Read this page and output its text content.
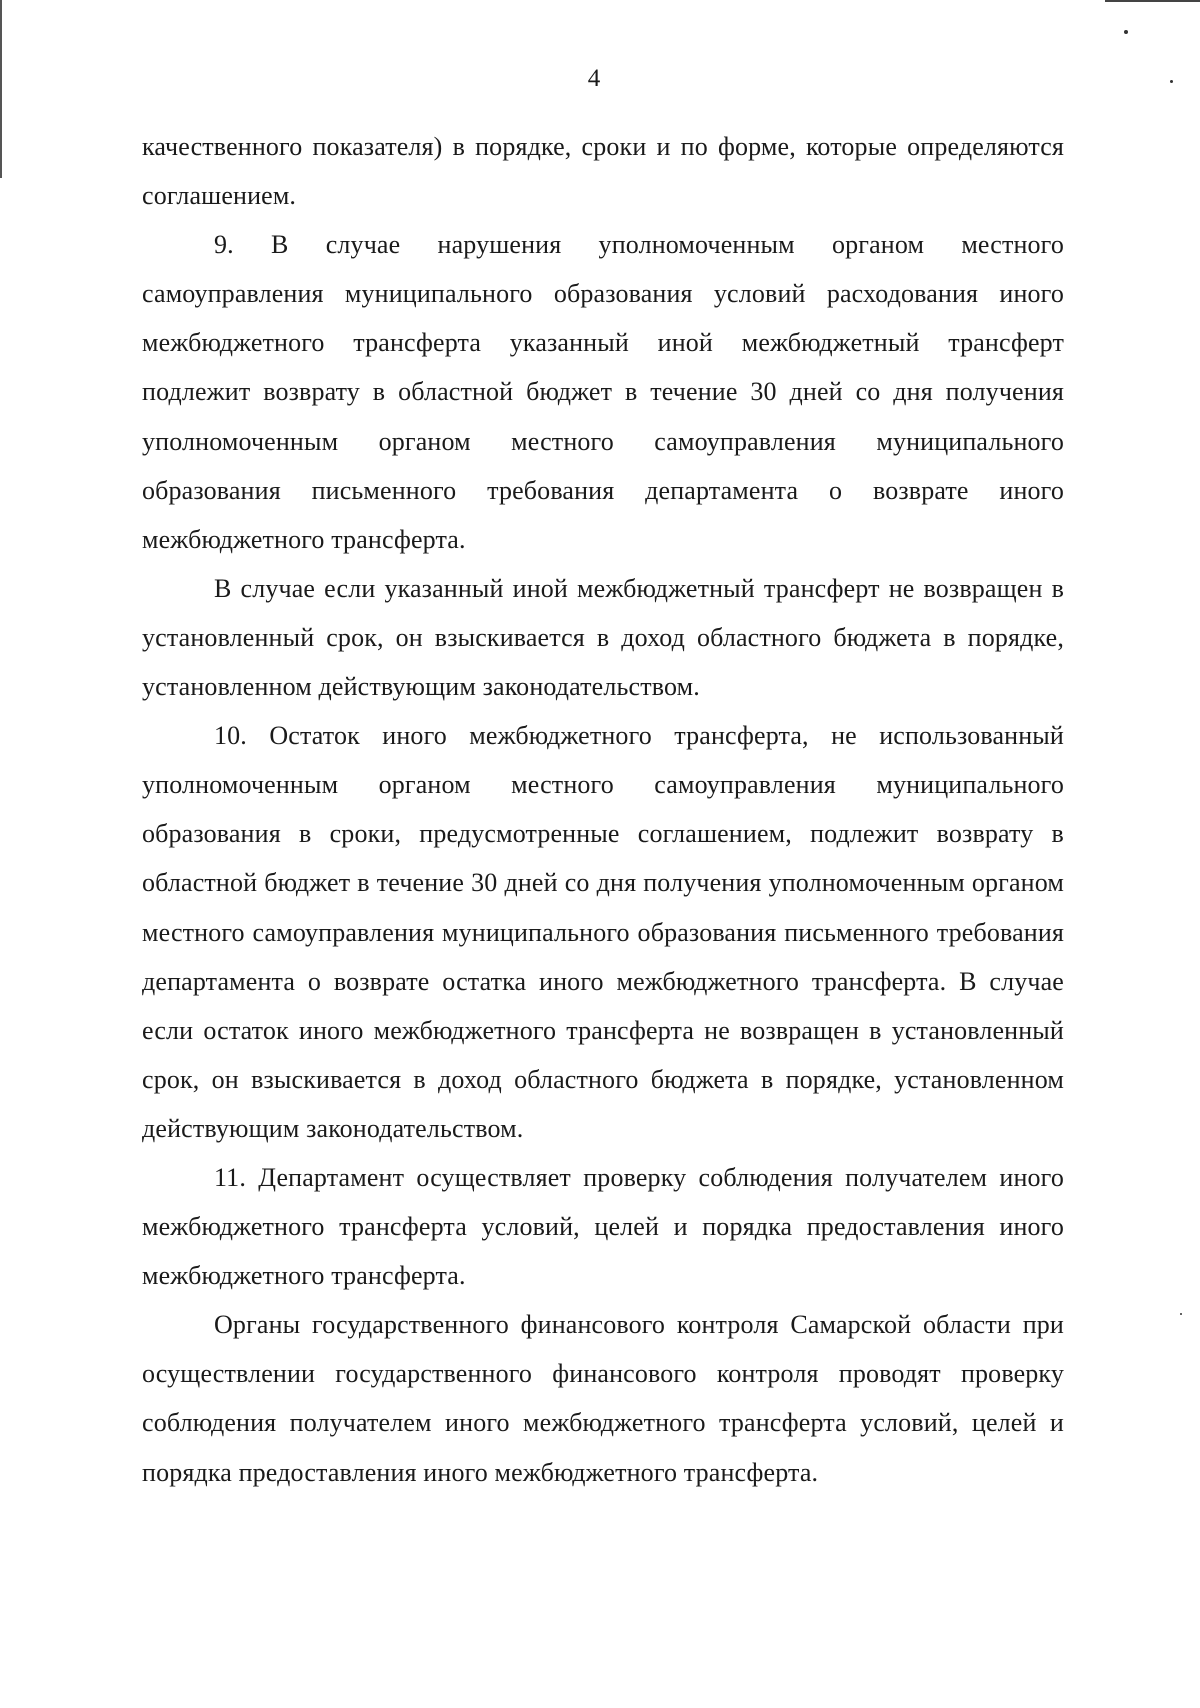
4

качественного показателя) в порядке, сроки и по форме, которые определяются соглашением.

9. В случае нарушения уполномоченным органом местного самоуправления муниципального образования условий расходования иного межбюджетного трансферта указанный иной межбюджетный трансферт подлежит возврату в областной бюджет в течение 30 дней со дня получения уполномоченным органом местного самоуправления муниципального образования письменного требования департамента о возврате иного межбюджетного трансферта.

В случае если указанный иной межбюджетный трансферт не возвращен в установленный срок, он взыскивается в доход областного бюджета в порядке, установленном действующим законодательством.

10. Остаток иного межбюджетного трансферта, не использованный уполномоченным органом местного самоуправления муниципального образования в сроки, предусмотренные соглашением, подлежит возврату в областной бюджет в течение 30 дней со дня получения уполномоченным органом местного самоуправления муниципального образования письменного требования департамента о возврате остатка иного межбюджетного трансферта. В случае если остаток иного межбюджетного трансферта не возвращен в установленный срок, он взыскивается в доход областного бюджета в порядке, установленном действующим законодательством.

11. Департамент осуществляет проверку соблюдения получателем иного межбюджетного трансферта условий, целей и порядка предоставления иного межбюджетного трансферта.

Органы государственного финансового контроля Самарской области при осуществлении государственного финансового контроля проводят проверку соблюдения получателем иного межбюджетного трансферта условий, целей и порядка предоставления иного межбюджетного трансферта.
